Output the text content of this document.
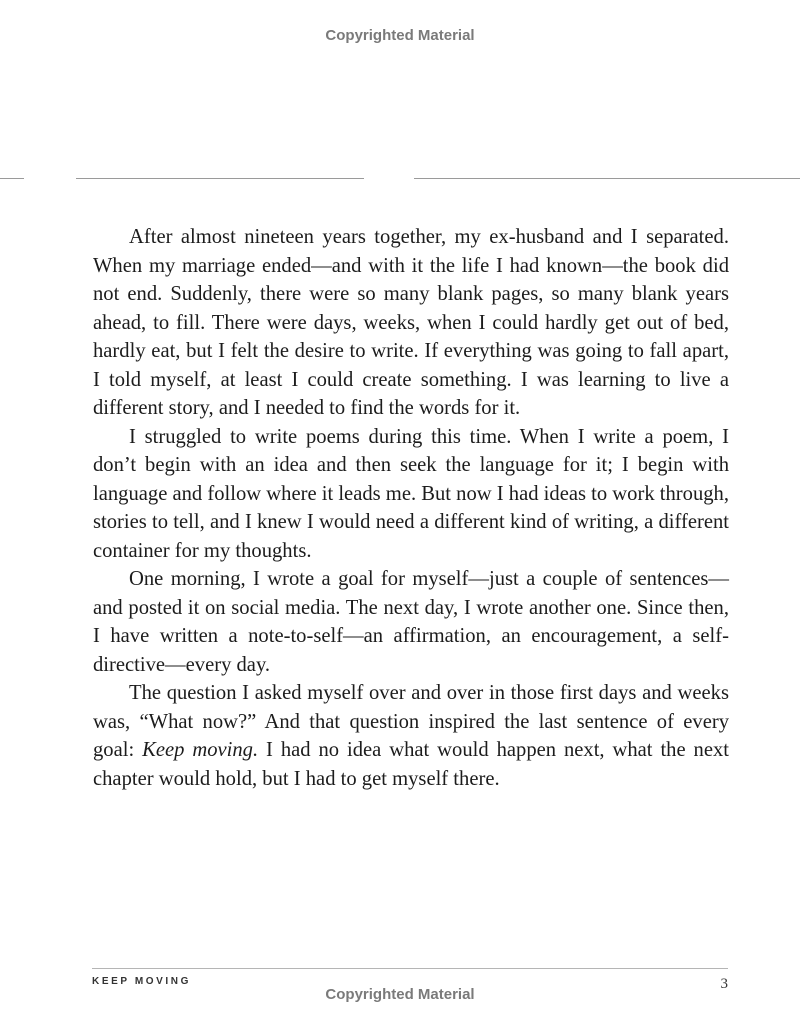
Copyrighted Material

After almost nineteen years together, my ex-husband and I separated. When my marriage ended—and with it the life I had known—the book did not end. Suddenly, there were so many blank pages, so many blank years ahead, to fill. There were days, weeks, when I could hardly get out of bed, hardly eat, but I felt the desire to write. If everything was going to fall apart, I told myself, at least I could create something. I was learning to live a different story, and I needed to find the words for it.

I struggled to write poems during this time. When I write a poem, I don’t begin with an idea and then seek the language for it; I begin with language and follow where it leads me. But now I had ideas to work through, stories to tell, and I knew I would need a different kind of writing, a different container for my thoughts.

One morning, I wrote a goal for myself—just a couple of sentences—and posted it on social media. The next day, I wrote another one. Since then, I have written a note-to-self—an affirmation, an encouragement, a self-directive—every day.

The question I asked myself over and over in those first days and weeks was, “What now?” And that question inspired the last sentence of every goal: Keep moving. I had no idea what would happen next, what the next chapter would hold, but I had to get myself there.

KEEP MOVING	3
Copyrighted Material
